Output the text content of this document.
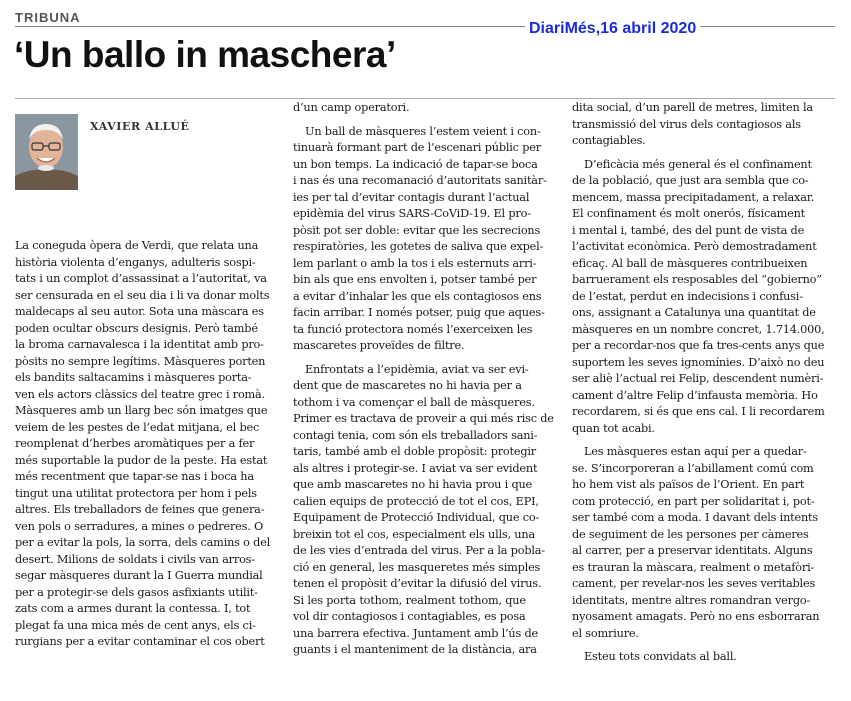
TRIBUNA
DiariMés,16 abril 2020
‘Un ballo in maschera’
XAVIER ALLUÉ
La coneguda òpera de Verdi, que relata una
història violenta d’enganys, adulteris sospi-
tats i un complot d’assassinat a l’autoritat, va
ser censurada en el seu dia i li va donar molts
maldecaps al seu autor. Sota una màscara es
poden ocultar obscurs designis. Però també
la broma carnavalesca i la identitat amb pro-
pòsits no sempre legítims. Màsqueres porten
els bandits saltacamins i màsqueres porta-
ven els actors clàssics del teatre grec i romà.
Màsqueres amb un llarg bec són imatges que
veiem de les pestes de l’edat mitjana, el bec
reomplenat d’herbes aromàtiques per a fer
més suportable la pudor de la peste. Ha estat
més recentment que tapar-se nas i boca ha
tingut una utilitat protectora per hom i pels
altres. Els treballadors de feines que genera-
ven pols o serradures, a mines o pedreres. O
per a evitar la pols, la sorra, dels camins o del
desert. Milions de soldats i civils van arros-
segar màsqueres durant la I Guerra mundial
per a protegir-se dels gasos asfixiants utilit-
zats com a armes durant la contessa. I, tot
plegat fa una mica més de cent anys, els ci-
rurgians per a evitar contaminar el cos obert
d’un camp operatori.
Un ball de màsqueres l’estem veient i con-
tinuarà formant part de l’escenari públic per
un bon temps. La indicació de tapar-se boca
i nas és una recomanació d’autoritats sanitàr-
ies per tal d’evitar contagis durant l’actual
epidèmia del virus SARS-CoViD-19. El pro-
pòsit pot ser doble: evitar que les secrecions
respiratòries, les gotetes de saliva que expel-
lem parlant o amb la tos i els esternuts arri-
bin als que ens envolten i, potser també per
a evitar d’inhalar les que els contagiosos ens
facin arribar. I només potser, puig que aques-
ta funció protectora només l’exerceixen les
mascaretes proveïdes de filtre.
Enfrontats a l’epidèmia, aviat va ser evi-
dent que de mascaretes no hi havia per a
tothom i va començar el ball de màsqueres.
Primer es tractava de proveir a qui més risc de
contagi tenia, com són els treballadors sani-
taris, també amb el doble propòsit: protegir
als altres i protegir-se. I aviat va ser evident
que amb mascaretes no hi havia prou i que
calien equips de protecció de tot el cos, EPI,
Equipament de Protecció Individual, que co-
breixin tot el cos, especialment els ulls, una
de les vies d’entrada del virus. Per a la pobla-
ció en general, les masqueretes més simples
tenen el propòsit d’evitar la difusió del virus.
Si les porta tothom, realment tothom, que
vol dir contagiosos i contagiables, es posa
una barrera efectiva. Juntament amb l’ús de
guants i el manteniment de la distància, ara
dita social, d’un parell de metres, limiten la
transmissió del virus dels contagiosos als
contagiables.
D’eficàcia més general és el confinament
de la població, que just ara sembla que co-
mencem, massa precipitadament, a relaxar.
El confinament és molt onerós, físicament
i mental i, també, des del punt de vista de
l’activitat econòmica. Però demostradament
eficaç. Al ball de màsqueres contribueixen
barruerament els resposables del “gobierno”
de l’estat, perdut en indecisions i confusi-
ons, assignant a Catalunya una quantitat de
màsqueres en un nombre concret, 1.714.000,
per a recordar-nos que fa tres-cents anys que
suportem les seves ignomínies. D’això no deu
ser aliè l’actual rei Felip, descendent numèri-
cament d’altre Felip d’infausta memòria. Ho
recordarem, si és que ens cal. I li recordarem
quan tot acabi.
Les màsqueres estan aquí per a quedar-
se. S’incorporeran a l’abillament comú com
ho hem vist als països de l’Orient. En part
com protecció, en part per solidaritat i, pot-
ser també com a moda. I davant dels intents
de seguiment de les persones per càmeres
al carrer, per a preservar identitats. Alguns
es trauran la màscara, realment o metafòri-
cament, per revelar-nos les seves veritables
identitats, mentre altres romandran vergo-
nyosament amagats. Però no ens esborraran
el somriure.
Esteu tots convidats al ball.
